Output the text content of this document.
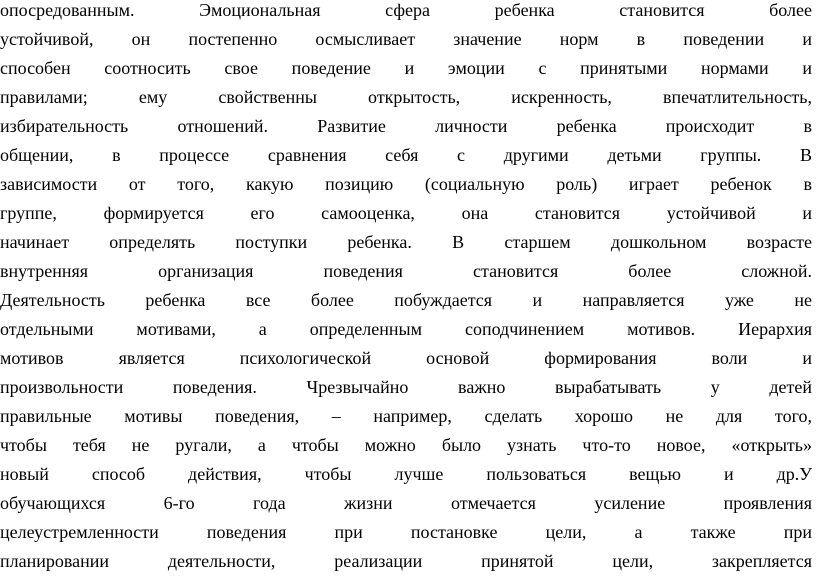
опосредованным. Эмоциональная сфера ребенка становится более
устойчивой, он постепенно осмысливает значение норм в поведении и
способен соотносить свое поведение и эмоции с принятыми нормами и
правилами; ему свойственны открытость, искренность, впечатлительность,
избирательность отношений. Развитие личности ребенка происходит в
общении, в процессе сравнения себя с другими детьми группы. В
зависимости от того, какую позицию (социальную роль) играет ребенок в
группе, формируется его самооценка, она становится устойчивой и
начинает определять поступки ребенка. В старшем дошкольном возрасте
внутренняя организация поведения становится более сложной.
Деятельность ребенка все более побуждается и направляется уже не
отдельными мотивами, а определенным соподчинением мотивов. Иерархия
мотивов является психологической основой формирования воли и
произвольности поведения. Чрезвычайно важно вырабатывать у детей
правильные мотивы поведения, – например, сделать хорошо не для того,
чтобы тебя не ругали, а чтобы можно было узнать что-то новое, «открыть»
новый способ действия, чтобы лучше пользоваться вещью и др.У
обучающихся 6-го года жизни отмечается усиление проявления
целеустремленности поведения при постановке цели, а также при
планировании деятельности, реализации принятой цели, закрепляется
